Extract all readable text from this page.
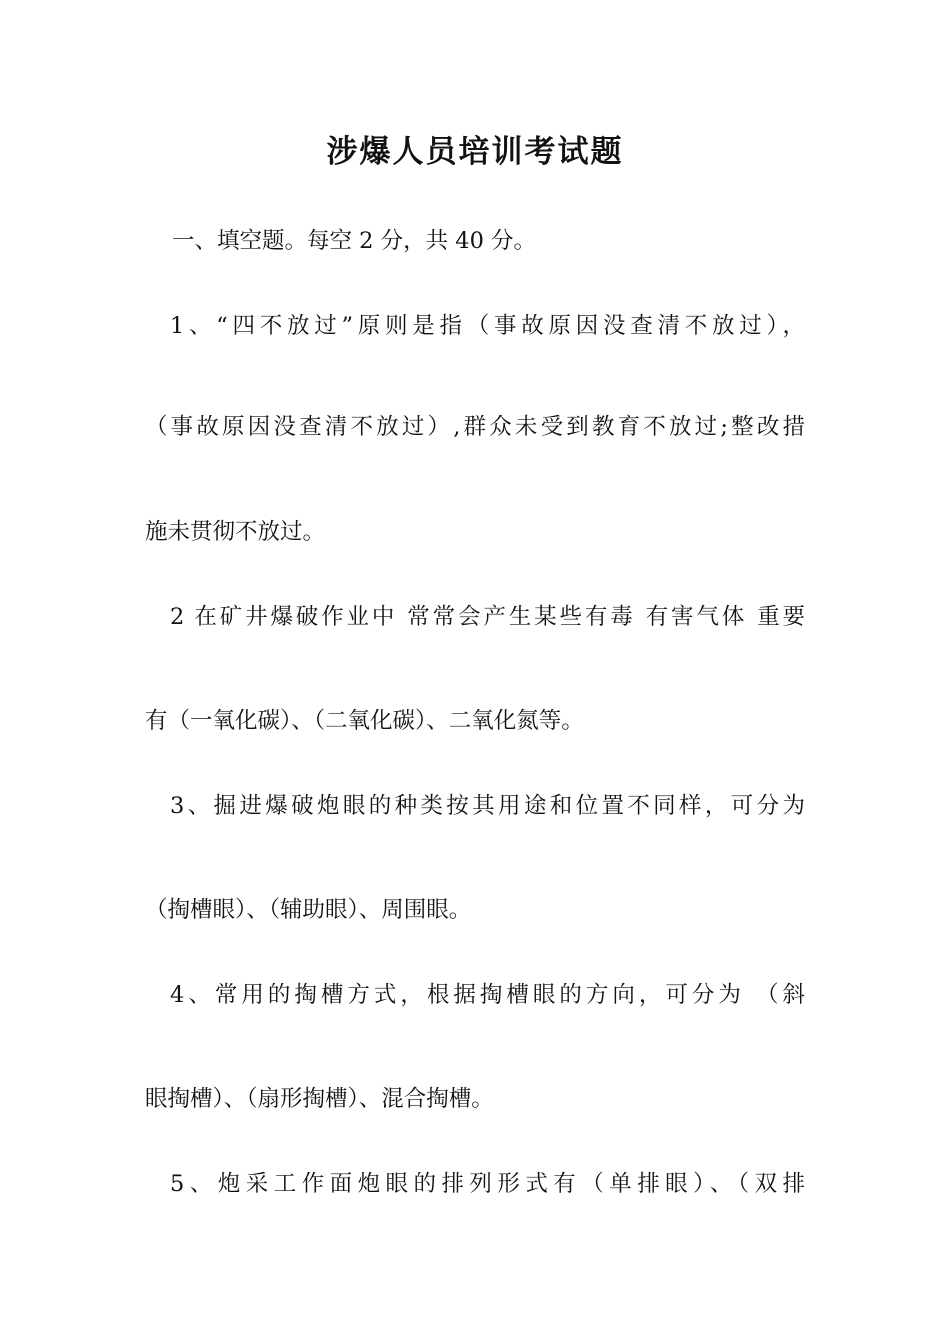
涉爆人员培训考试题
一、填空题。每空 2 分，共 40 分。
1、“四不放过”原则是指（事故原因没查清不放过），
（事故原因没查清不放过）,群众未受到教育不放过;整改措
施未贯彻不放过。
2 在矿井爆破作业中 常常会产生某些有毒 有害气体 重要
有（一氧化碳）、（二氧化碳）、二氧化氮等。
3、掘进爆破炮眼的种类按其用途和位置不同样，可分为
（掏槽眼）、（辅助眼）、周围眼。
4、常用的掏槽方式，根据掏槽眼的方向，可分为 （斜
眼掏槽）、（扇形掏槽）、混合掏槽。
5、炮采工作面炮眼的排列形式有（单排眼）、（双排
